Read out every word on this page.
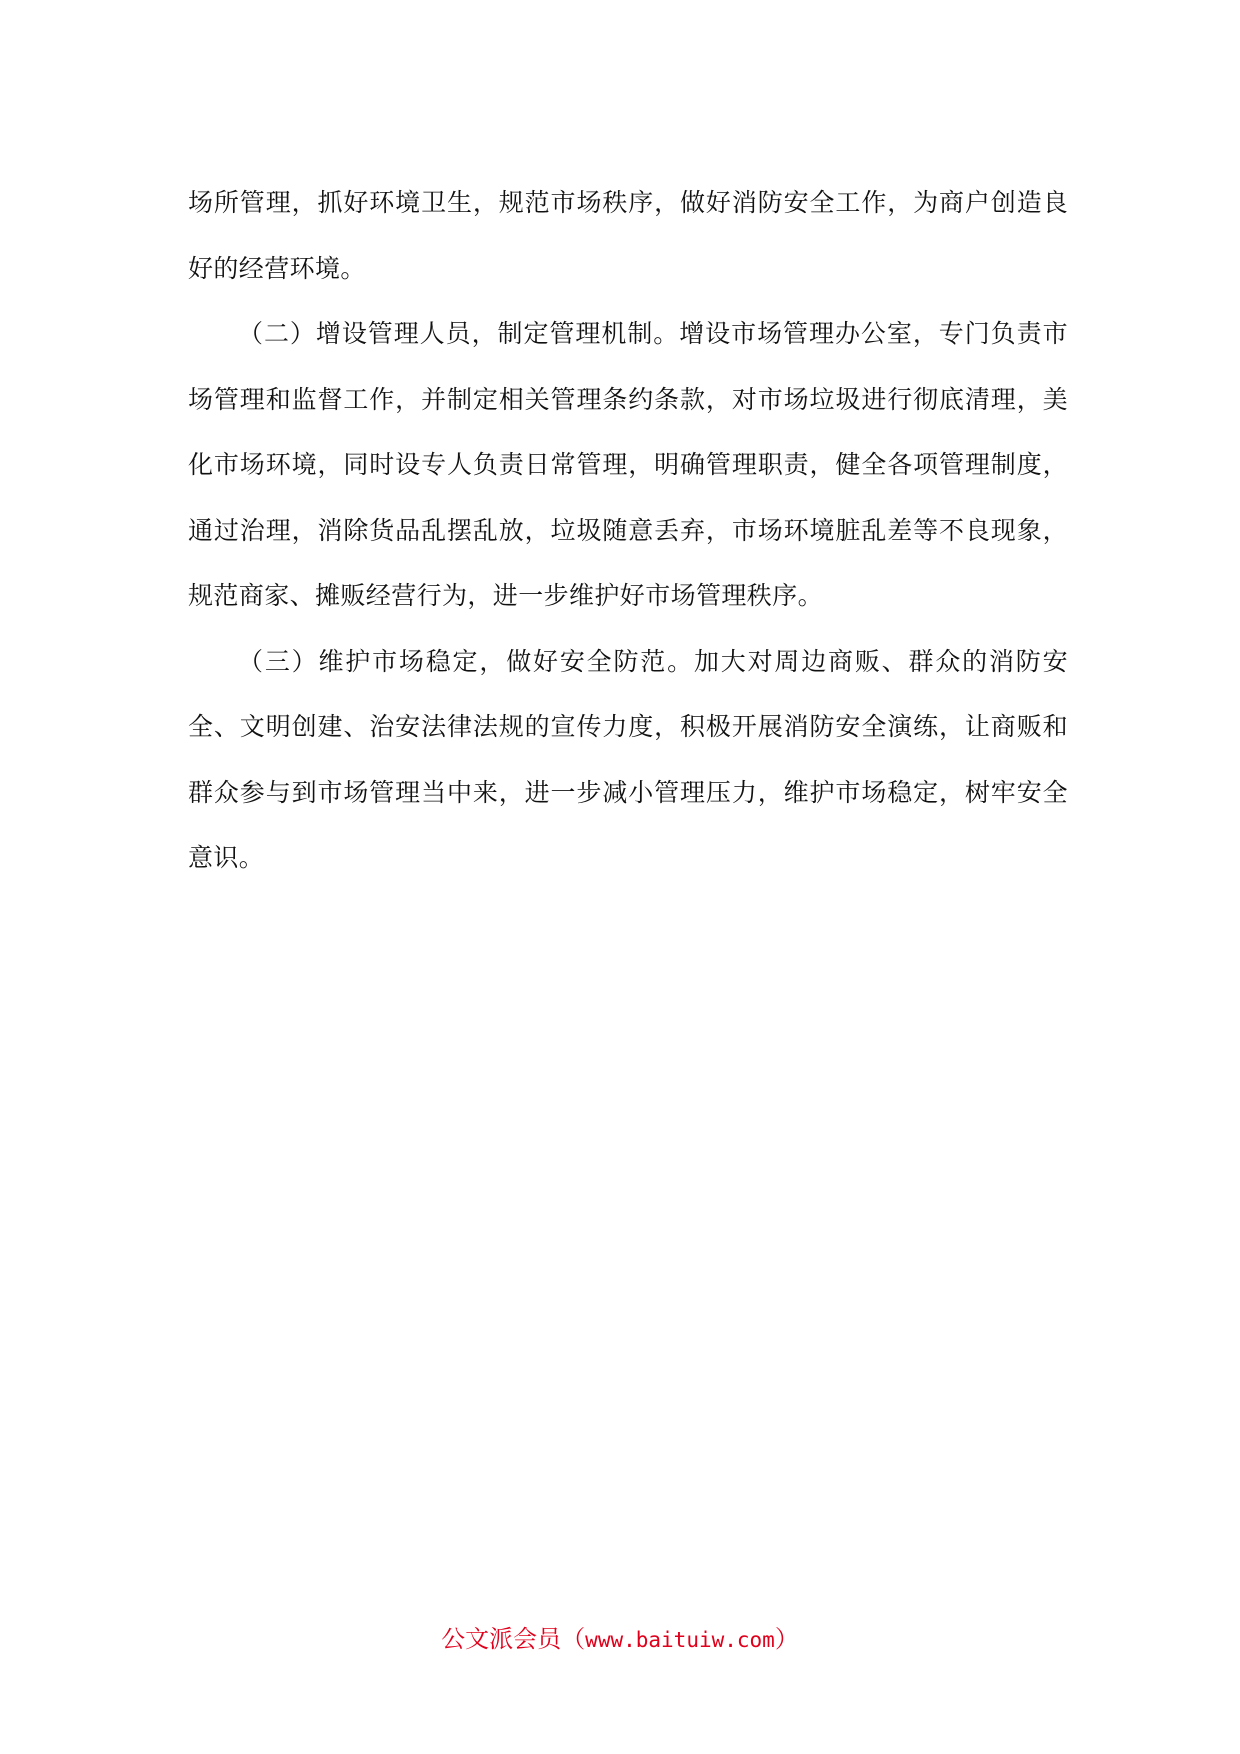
场所管理，抓好环境卫生，规范市场秩序，做好消防安全工作，为商户创造良好的经营环境。

（二）增设管理人员，制定管理机制。增设市场管理办公室，专门负责市场管理和监督工作，并制定相关管理条约条款，对市场垃圾进行彻底清理，美化市场环境，同时设专人负责日常管理，明确管理职责，健全各项管理制度，通过治理，消除货品乱摆乱放，垃圾随意丢弃，市场环境脏乱差等不良现象，规范商家、摊贩经营行为，进一步维护好市场管理秩序。

（三）维护市场稳定，做好安全防范。加大对周边商贩、群众的消防安全、文明创建、治安法律法规的宣传力度，积极开展消防安全演练，让商贩和群众参与到市场管理当中来，进一步减小管理压力，维护市场稳定，树牢安全意识。

公文派会员（www.baituiw.com）
